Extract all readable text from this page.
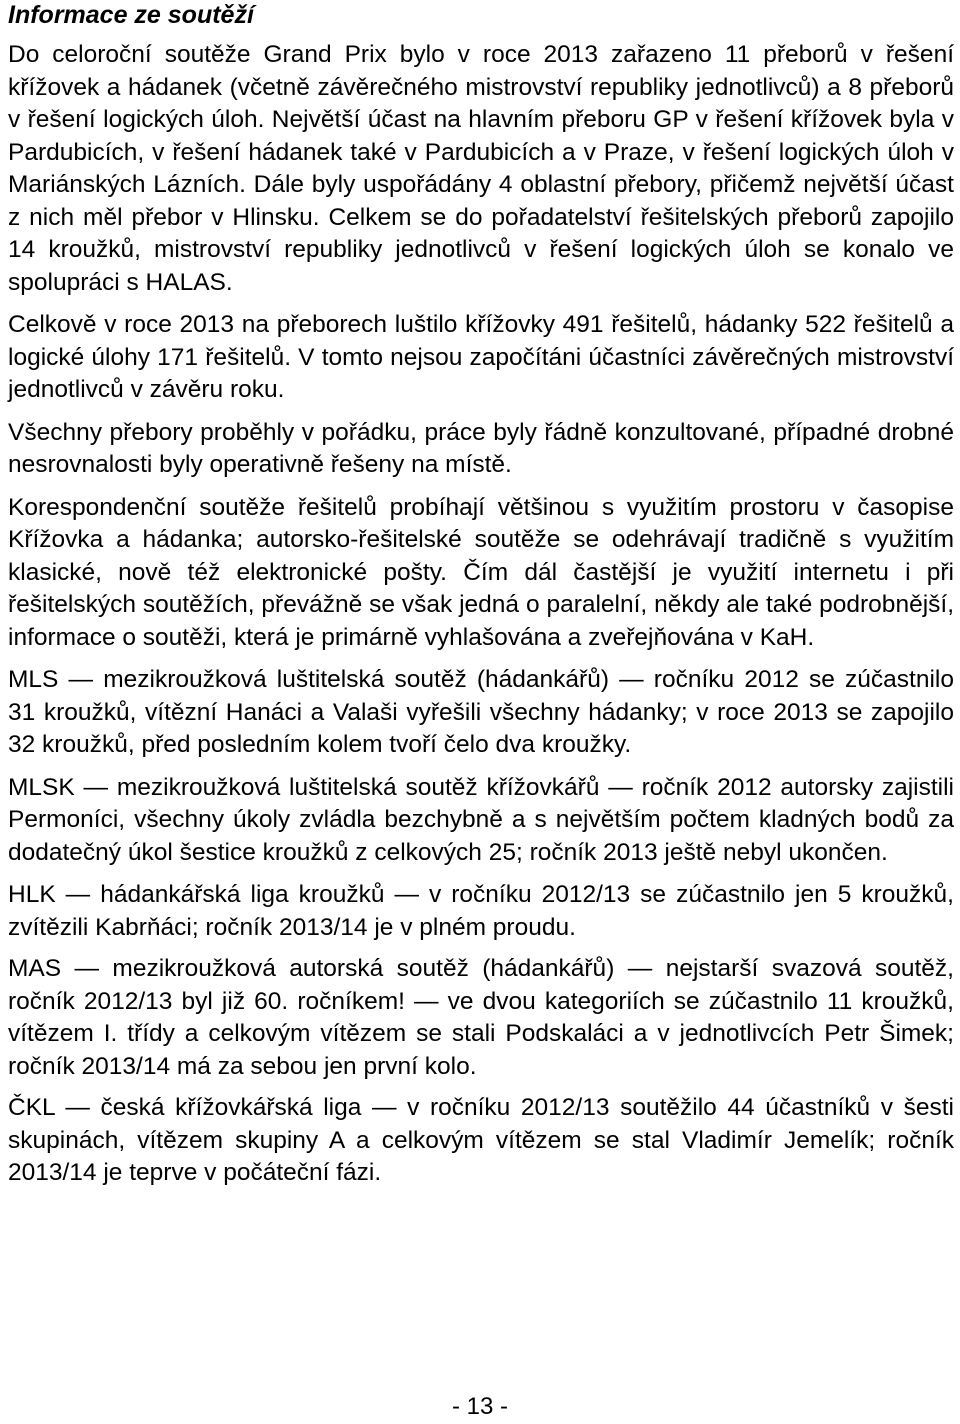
Informace ze soutěží

Do celoroční soutěže Grand Prix bylo v roce 2013 zařazeno 11 přeborů v řešení křížovek a hádanek (včetně závěrečného mistrovství republiky jednotlivců) a 8 přeborů v řešení logických úloh. Největší účast na hlavním přeboru GP v řešení křížovek byla v Pardubicích, v řešení hádanek také v Pardubicích a v Praze, v řešení logických úloh v Mariánských Lázních. Dále byly uspořádány 4 oblastní přebory, přičemž největší účast z nich měl přebor v Hlinsku. Celkem se do pořadatelství řešitelských přeborů zapojilo 14 kroužků, mistrovství republiky jednotlivců v řešení logických úloh se konalo ve spolupráci s HALAS.

Celkově v roce 2013 na přeborech luštilo křížovky 491 řešitelů, hádanky 522 řešitelů a logické úlohy 171 řešitelů. V tomto nejsou započítáni účastníci závěrečných mistrovství jednotlivců v závěru roku.

Všechny přebory proběhly v pořádku, práce byly řádně konzultované, případné drobné nesrovnalosti byly operativně řešeny na místě.

Korespondenční soutěže řešitelů probíhají většinou s využitím prostoru v časopise Křížovka a hádanka; autorsko-řešitelské soutěže se odehrávají tradičně s využitím klasické, nově též elektronické pošty. Čím dál častější je využití internetu i při řešitelských soutěžích, převážně se však jedná o paralelní, někdy ale také podrobnější, informace o soutěži, která je primárně vyhlašována a zveřejňována v KaH.

MLS — mezikroužková luštitelská soutěž (hádankářů) — ročníku 2012 se zúčastnilo 31 kroužků, vítězní Hanáci a Valaši vyřešili všechny hádanky; v roce 2013 se zapojilo 32 kroužků, před posledním kolem tvoří čelo dva kroužky.

MLSK — mezikroužková luštitelská soutěž křížovkářů — ročník 2012 autorsky zajistili Permoníci, všechny úkoly zvládla bezchybně a s největším počtem kladných bodů za dodatečný úkol šestice kroužků z celkových 25; ročník 2013 ještě nebyl ukončen.

HLK — hádankářská liga kroužků — v ročníku 2012/13 se zúčastnilo jen 5 kroužků, zvítězili Kabrňáci; ročník 2013/14 je v plném proudu.

MAS — mezikroužková autorská soutěž (hádankářů) — nejstarší svazová soutěž, ročník 2012/13 byl již 60. ročníkem! — ve dvou kategoriích se zúčastnilo 11 kroužků, vítězem I. třídy a celkovým vítězem se stali Podskaláci a v jednotlivcích Petr Šimek; ročník 2013/14 má za sebou jen první kolo.

ČKL — česká křížovkářská liga — v ročníku 2012/13 soutěžilo 44 účastníků v šesti skupinách, vítězem skupiny A a celkovým vítězem se stal Vladimír Jemelík; ročník 2013/14 je teprve v počáteční fázi.

- 13 -
